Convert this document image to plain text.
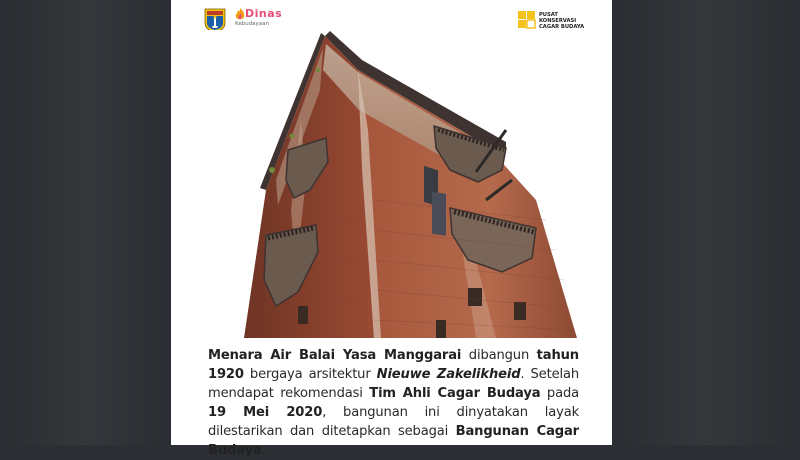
Dinas
Kebudayaan
PUSAT
KONSERVASI
CAGAR BUDAYA
Menara Air Balai Yasa Manggarai dibangun tahun 1920 bergaya arsitektur Nieuwe Zakelikheid. Setelah mendapat rekomendasi Tim Ahli Cagar Budaya pada 19 Mei 2020, bangunan ini dinyatakan layak dilestarikan dan ditetapkan sebagai Bangunan Cagar Budaya.
